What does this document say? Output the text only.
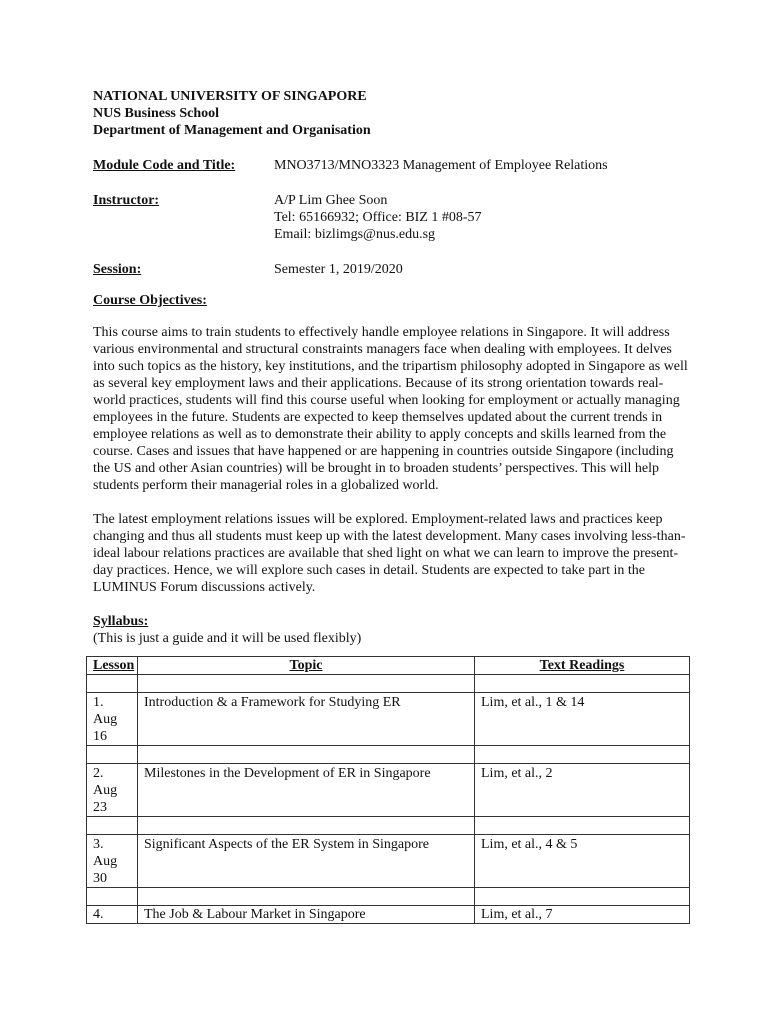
NATIONAL UNIVERSITY OF SINGAPORE
NUS Business School
Department of Management and Organisation
Module Code and Title:	MNO3713/MNO3323 Management of Employee Relations
Instructor:	A/P Lim Ghee Soon
Tel: 65166932; Office: BIZ 1 #08-57
Email: bizlimgs@nus.edu.sg
Session:	Semester 1, 2019/2020
Course Objectives:

This course aims to train students to effectively handle employee relations in Singapore. It will address various environmental and structural constraints managers face when dealing with employees. It delves into such topics as the history, key institutions, and the tripartism philosophy adopted in Singapore as well as several key employment laws and their applications. Because of its strong orientation towards real-world practices, students will find this course useful when looking for employment or actually managing employees in the future. Students are expected to keep themselves updated about the current trends in employee relations as well as to demonstrate their ability to apply concepts and skills learned from the course. Cases and issues that have happened or are happening in countries outside Singapore (including the US and other Asian countries) will be brought in to broaden students’ perspectives. This will help students perform their managerial roles in a globalized world.

The latest employment relations issues will be explored. Employment-related laws and practices keep changing and thus all students must keep up with the latest development. Many cases involving less-than-ideal labour relations practices are available that shed light on what we can learn to improve the present-day practices. Hence, we will explore such cases in detail. Students are expected to take part in the LUMINUS Forum discussions actively.

Syllabus:
(This is just a guide and it will be used flexibly)
Lesson	Topic	Text Readings

1.
Aug 16	Introduction & a Framework for Studying ER	Lim, et al., 1 & 14

2.
Aug 23	Milestones in the Development of ER in Singapore	Lim, et al., 2

3.
Aug 30	Significant Aspects of the ER System in Singapore	Lim, et al., 4 & 5

4.	The Job & Labour Market in Singapore	Lim, et al., 7
